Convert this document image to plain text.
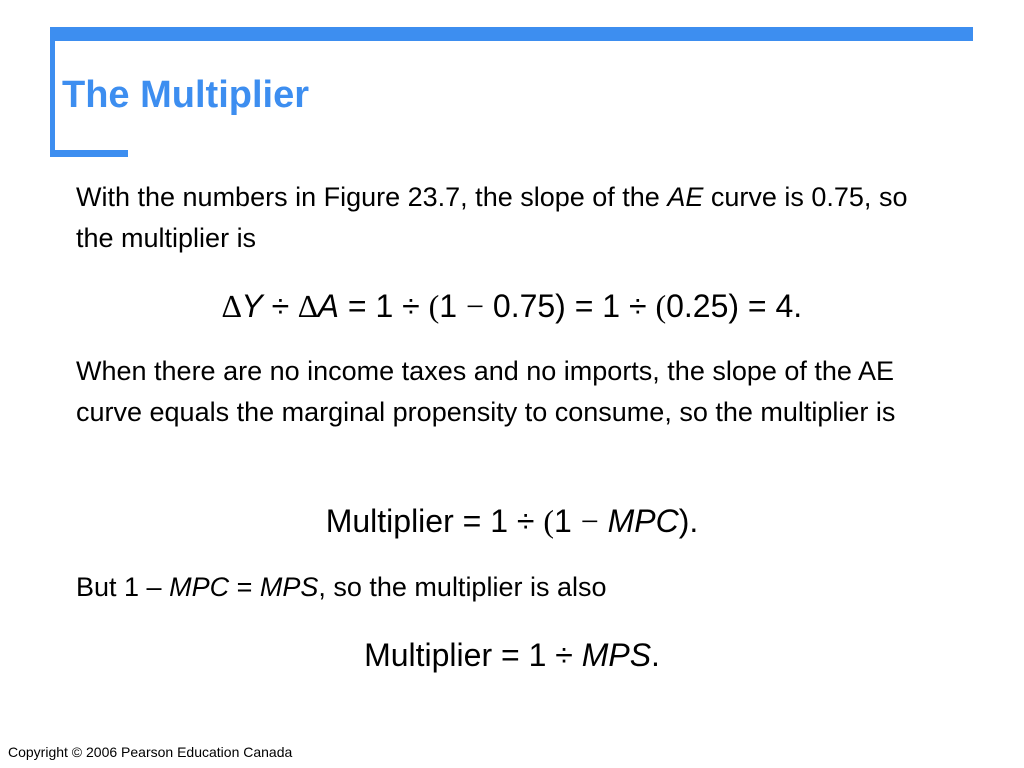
The Multiplier
With the numbers in Figure 23.7, the slope of the AE curve is 0.75, so the multiplier is
∆Y ÷ ∆A = 1 ÷ (1 − 0.75) = 1 ÷ (0.25) = 4.
When there are no income taxes and no imports, the slope of the AE curve equals the marginal propensity to consume, so the multiplier is
Multiplier = 1 ÷ (1 − MPC).
But 1 – MPC = MPS, so the multiplier is also
Multiplier = 1 ÷ MPS.
Copyright © 2006 Pearson Education Canada
